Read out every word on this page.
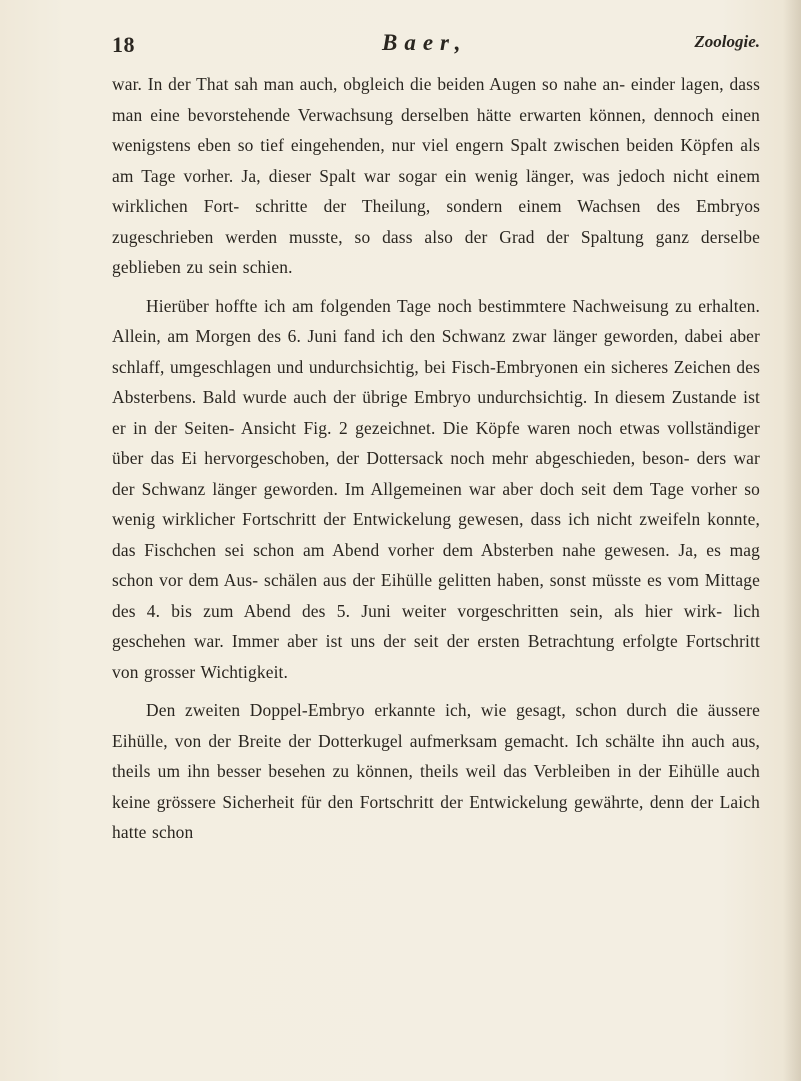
18	Baer,	Zoologie.

war. In der That sah man auch, obgleich die beiden Augen so nahe an- einder lagen, dass man eine bevorstehende Verwachsung derselben hätte erwarten können, dennoch einen wenigstens eben so tief eingehenden, nur viel engern Spalt zwischen beiden Köpfen als am Tage vorher. Ja, dieser Spalt war sogar ein wenig länger, was jedoch nicht einem wirklichen Fort- schritte der Theilung, sondern einem Wachsen des Embryos zugeschrieben werden musste, so dass also der Grad der Spaltung ganz derselbe geblieben zu sein schien.

Hierüber hoffte ich am folgenden Tage noch bestimmtere Nachweisung zu erhalten. Allein, am Morgen des 6. Juni fand ich den Schwanz zwar länger geworden, dabei aber schlaff, umgeschlagen und undurchsichtig, bei Fisch-Embryonen ein sicheres Zeichen des Absterbens. Bald wurde auch der übrige Embryo undurchsichtig. In diesem Zustande ist er in der Seiten- Ansicht Fig. 2 gezeichnet. Die Köpfe waren noch etwas vollständiger über das Ei hervorgeschoben, der Dottersack noch mehr abgeschieden, beson- ders war der Schwanz länger geworden. Im Allgemeinen war aber doch seit dem Tage vorher so wenig wirklicher Fortschritt der Entwickelung gewesen, dass ich nicht zweifeln konnte, das Fischchen sei schon am Abend vorher dem Absterben nahe gewesen. Ja, es mag schon vor dem Aus- schälen aus der Eihülle gelitten haben, sonst müsste es vom Mittage des 4. bis zum Abend des 5. Juni weiter vorgeschritten sein, als hier wirk- lich geschehen war. Immer aber ist uns der seit der ersten Betrachtung erfolgte Fortschritt von grosser Wichtigkeit.

Den zweiten Doppel-Embryo erkannte ich, wie gesagt, schon durch die äussere Eihülle, von der Breite der Dotterkugel aufmerksam gemacht. Ich schälte ihn auch aus, theils um ihn besser besehen zu können, theils weil das Verbleiben in der Eihülle auch keine grössere Sicherheit für den Fortschritt der Entwickelung gewährte, denn der Laich hatte schon
